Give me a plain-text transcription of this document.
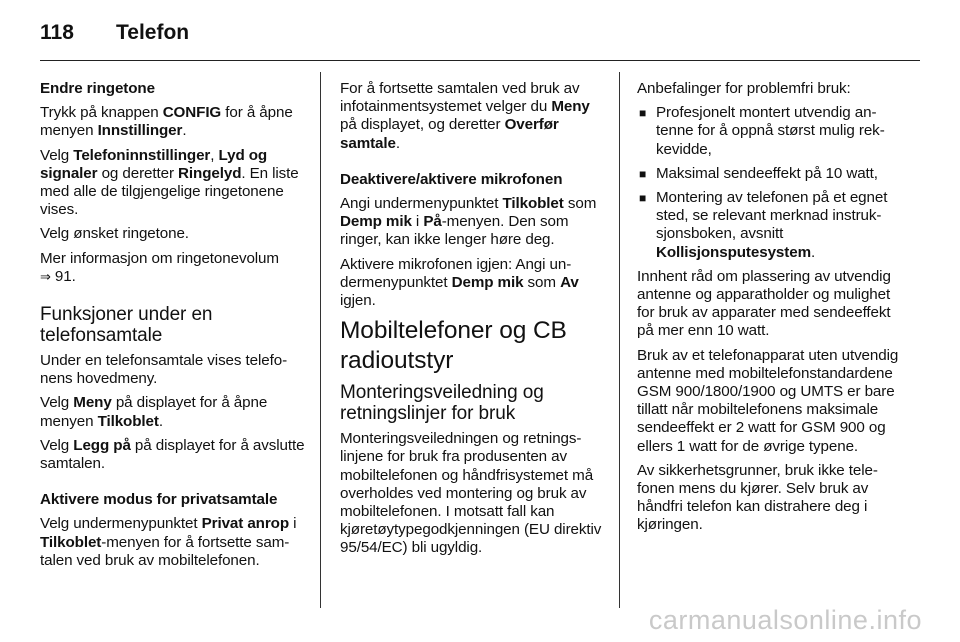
118	Telefon

Endre ringetone

Trykk på knappen CONFIG for å åpne menyen Innstillinger.

Velg Telefoninnstillinger, Lyd og signaler og deretter Ringelyd. En liste med alle de tilgjengelige ringetonene vises.

Velg ønsket ringetone.

Mer informasjon om ringetonevolum
⇒ 91.

Funksjoner under en telefonsamtale

Under en telefonsamtale vises telefonens hovedmeny.

Velg Meny på displayet for å åpne menyen Tilkoblet.

Velg Legg på på displayet for å avslutte samtalen.

Aktivere modus for privatsamtale

Velg undermenypunktet Privat anrop i Tilkoblet-menyen for å fortsette samtalen ved bruk av mobiltelefonen.

For å fortsette samtalen ved bruk av infotainmentsystemet velger du Meny på displayet, og deretter Overfør samtale.

Deaktivere/aktivere mikrofonen

Angi undermenypunktet Tilkoblet som Demp mik i På-menyen. Den som ringer, kan ikke lenger høre deg.

Aktivere mikrofonen igjen: Angi undermenypunktet Demp mik som Av igjen.

Mobiltelefoner og CB radioutstyr

Monteringsveiledning og retningslinjer for bruk

Monteringsveiledningen og retningslinjene for bruk fra produsenten av mobiltelefonen og håndfrisystemet må overholdes ved montering og bruk av mobiltelefonen. I motsatt fall kan kjøretøytypegodkjenningen (EU direktiv 95/54/EC) bli ugyldig.

Anbefalinger for problemfri bruk:

■ Profesjonelt montert utvendig antenne for å oppnå størst mulig rekkevidde,
■ Maksimal sendeeffekt på 10 watt,
■ Montering av telefonen på et egnet sted, se relevant merknad instruksjonsboken, avsnitt Kollisjonsputesystem.

Innhent råd om plassering av utvendig antenne og apparatholder og mulighet for bruk av apparater med sendeeffekt på mer enn 10 watt.

Bruk av et telefonapparat uten utvendig antenne med mobiltelefonstandardene GSM 900/1800/1900 og UMTS er bare tillatt når mobiltelefonens maksimale sendeeffekt er 2 watt for GSM 900 og ellers 1 watt for de øvrige typene.

Av sikkerhetsgrunner, bruk ikke telefonen mens du kjører. Selv bruk av håndfri telefon kan distrahere deg i kjøringen.

carmanualsonline.info
